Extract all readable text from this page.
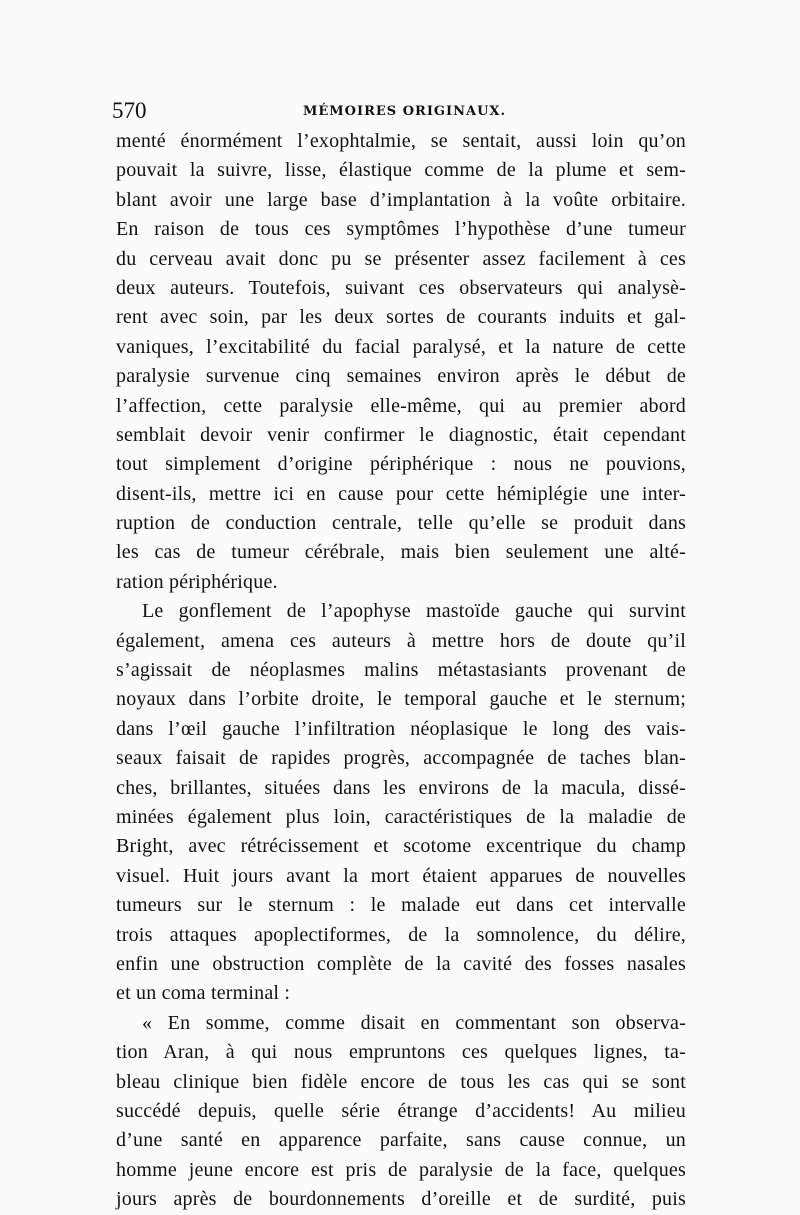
570	MÉMOIRES ORIGINAUX.
menté énormément l’exophtalmie, se sentait, aussi loin qu’on
pouvait la suivre, lisse, élastique comme de la plume et sem-
blant avoir une large base d’implantation à la voûte orbitaire.
En raison de tous ces symptômes l’hypothèse d’une tumeur
du cerveau avait donc pu se présenter assez facilement à ces
deux auteurs. Toutefois, suivant ces observateurs qui analysè-
rent avec soin, par les deux sortes de courants induits et gal-
vaniques, l’excitabilité du facial paralysé, et la nature de cette
paralysie survenue cinq semaines environ après le début de
l’affection, cette paralysie elle-même, qui au premier abord
semblait devoir venir confirmer le diagnostic, était cependant
tout simplement d’origine périphérique : nous ne pouvions,
disent-ils, mettre ici en cause pour cette hémiplégie une inter-
ruption de conduction centrale, telle qu’elle se produit dans
les cas de tumeur cérébrale, mais bien seulement une alté-
ration périphérique.
Le gonflement de l’apophyse mastoïde gauche qui survint
également, amena ces auteurs à mettre hors de doute qu’il
s’agissait de néoplasmes malins métastasiants provenant de
noyaux dans l’orbite droite, le temporal gauche et le sternum;
dans l’œil gauche l’infiltration néoplasique le long des vais-
seaux faisait de rapides progrès, accompagnée de taches blan-
ches, brillantes, situées dans les environs de la macula, dissé-
minées également plus loin, caractéristiques de la maladie de
Bright, avec rétrécissement et scotome excentrique du champ
visuel. Huit jours avant la mort étaient apparues de nouvelles
tumeurs sur le sternum : le malade eut dans cet intervalle
trois attaques apoplectiformes, de la somnolence, du délire,
enfin une obstruction complète de la cavité des fosses nasales
et un coma terminal :
« En somme, comme disait en commentant son observa-
tion Aran, à qui nous empruntons ces quelques lignes, ta-
bleau clinique bien fidèle encore de tous les cas qui se sont
succédé depuis, quelle série étrange d’accidents! Au milieu
d’une santé en apparence parfaite, sans cause connue, un
homme jeune encore est pris de paralysie de la face, quelques
jours après de bourdonnements d’oreille et de surdité, puis
